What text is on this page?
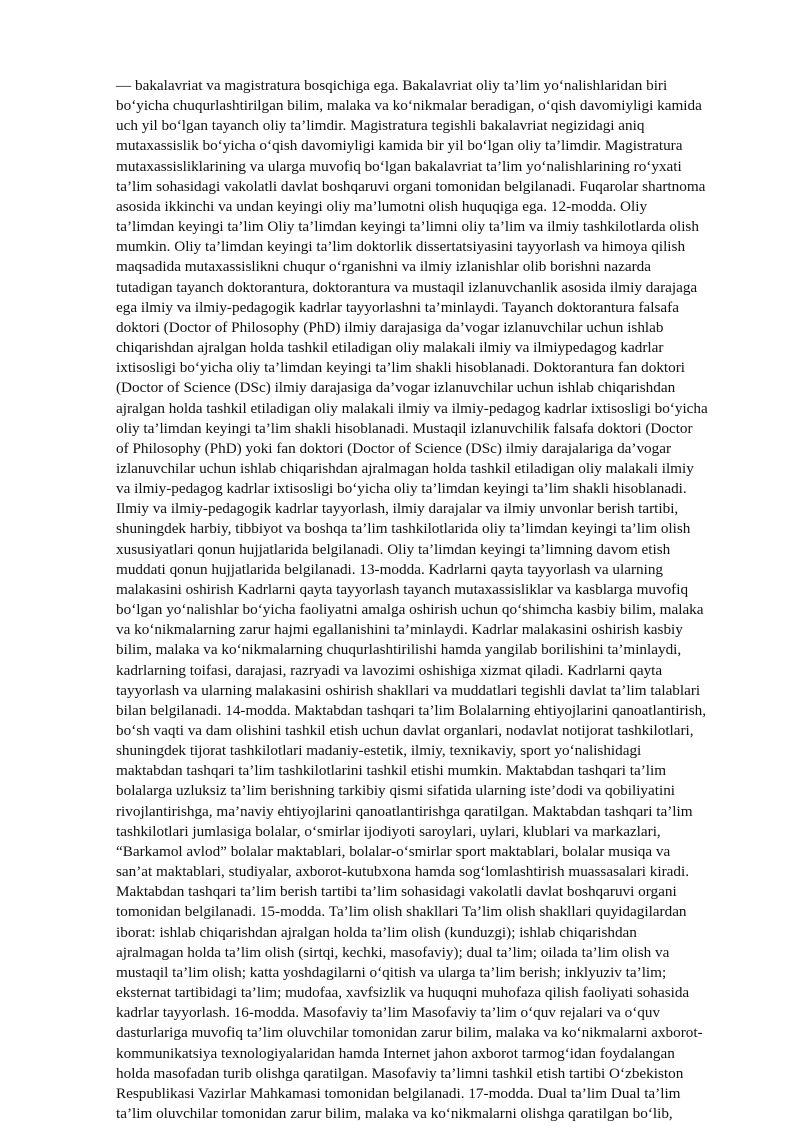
— bakalavriat va magistratura bosqichiga ega. Bakalavriat oliy ta’lim yo‘nalishlaridan biri
bo‘yicha chuqurlashtirilgan bilim, malaka va ko‘nikmalar beradigan, o‘qish davomiyligi kamida
uch yil bo‘lgan tayanch oliy ta’limdir. Magistratura tegishli bakalavriat negizidagi aniq
mutaxassislik bo‘yicha o‘qish davomiyligi kamida bir yil bo‘lgan oliy ta’limdir. Magistratura
mutaxassisliklarining va ularga muvofiq bo‘lgan bakalavriat ta’lim yo‘nalishlarining ro‘yxati
ta’lim sohasidagi vakolatli davlat boshqaruvi organi tomonidan belgilanadi. Fuqarolar shartnoma
asosida ikkinchi va undan keyingi oliy ma’lumotni olish huquqiga ega. 12-modda. Oliy
ta’limdan keyingi ta’lim Oliy ta’limdan keyingi ta’limni oliy ta’lim va ilmiy tashkilotlarda olish
mumkin. Oliy ta’limdan keyingi ta’lim doktorlik dissertatsiyasini tayyorlash va himoya qilish
maqsadida mutaxassislikni chuqur o‘rganishni va ilmiy izlanishlar olib borishni nazarda
tutadigan tayanch doktorantura, doktorantura va mustaqil izlanuvchanlik asosida ilmiy darajaga
ega ilmiy va ilmiy-pedagogik kadrlar tayyorlashni ta’minlaydi. Tayanch doktorantura falsafa
doktori (Doctor of Philosophy (PhD) ilmiy darajasiga da’vogar izlanuvchilar uchun ishlab
chiqarishdan ajralgan holda tashkil etiladigan oliy malakali ilmiy va ilmiypedagog kadrlar
ixtisosligi bo‘yicha oliy ta’limdan keyingi ta’lim shakli hisoblanadi. Doktorantura fan doktori
(Doctor of Science (DSc) ilmiy darajasiga da’vogar izlanuvchilar uchun ishlab chiqarishdan
ajralgan holda tashkil etiladigan oliy malakali ilmiy va ilmiy-pedagog kadrlar ixtisosligi bo‘yicha
oliy ta’limdan keyingi ta’lim shakli hisoblanadi. Mustaqil izlanuvchilik falsafa doktori (Doctor
of Philosophy (PhD) yoki fan doktori (Doctor of Science (DSc) ilmiy darajalariga da’vogar
izlanuvchilar uchun ishlab chiqarishdan ajralmagan holda tashkil etiladigan oliy malakali ilmiy
va ilmiy-pedagog kadrlar ixtisosligi bo‘yicha oliy ta’limdan keyingi ta’lim shakli hisoblanadi.
Ilmiy va ilmiy-pedagogik kadrlar tayyorlash, ilmiy darajalar va ilmiy unvonlar berish tartibi,
shuningdek harbiy, tibbiyot va boshqa ta’lim tashkilotlarida oliy ta’limdan keyingi ta’lim olish
xususiyatlari qonun hujjatlarida belgilanadi. Oliy ta’limdan keyingi ta’limning davom etish
muddati qonun hujjatlarida belgilanadi. 13-modda. Kadrlarni qayta tayyorlash va ularning
malakasini oshirish Kadrlarni qayta tayyorlash tayanch mutaxassisliklar va kasblarga muvofiq
bo‘lgan yo‘nalishlar bo‘yicha faoliyatni amalga oshirish uchun qo‘shimcha kasbiy bilim, malaka
va ko‘nikmalarning zarur hajmi egallanishini ta’minlaydi. Kadrlar malakasini oshirish kasbiy
bilim, malaka va ko‘nikmalarning chuqurlashtirilishi hamda yangilab borilishini ta’minlaydi,
kadrlarning toifasi, darajasi, razryadi va lavozimi oshishiga xizmat qiladi. Kadrlarni qayta
tayyorlash va ularning malakasini oshirish shakllari va muddatlari tegishli davlat ta’lim talablari
bilan belgilanadi. 14-modda. Maktabdan tashqari ta’lim Bolalarning ehtiyojlarini qanoatlantirish,
bo‘sh vaqti va dam olishini tashkil etish uchun davlat organlari, nodavlat notijorat tashkilotlari,
shuningdek tijorat tashkilotlari madaniy-estetik, ilmiy, texnikaviy, sport yo‘nalishidagi
maktabdan tashqari ta’lim tashkilotlarini tashkil etishi mumkin. Maktabdan tashqari ta’lim
bolalarga uzluksiz ta’lim berishning tarkibiy qismi sifatida ularning iste’dodi va qobiliyatini
rivojlantirishga, ma’naviy ehtiyojlarini qanoatlantirishga qaratilgan. Maktabdan tashqari ta’lim
tashkilotlari jumlasiga bolalar, o‘smirlar ijodiyoti saroylari, uylari, klublari va markazlari,
“Barkamol avlod” bolalar maktablari, bolalar-o‘smirlar sport maktablari, bolalar musiqa va
san’at maktablari, studiyalar, axborot-kutubxona hamda sog‘lomlashtirish muassasalari kiradi.
Maktabdan tashqari ta’lim berish tartibi ta’lim sohasidagi vakolatli davlat boshqaruvi organi
tomonidan belgilanadi. 15-modda. Ta’lim olish shakllari Ta’lim olish shakllari quyidagilardan
iborat: ishlab chiqarishdan ajralgan holda ta’lim olish (kunduzgi); ishlab chiqarishdan
ajralmagan holda ta’lim olish (sirtqi, kechki, masofaviy); dual ta’lim; oilada ta’lim olish va
mustaqil ta’lim olish; katta yoshdagilarni o‘qitish va ularga ta’lim berish; inklyuziv ta’lim;
eksternat tartibidagi ta’lim; mudofaa, xavfsizlik va huquqni muhofaza qilish faoliyati sohasida
kadrlar tayyorlash. 16-modda. Masofaviy ta’lim Masofaviy ta’lim o‘quv rejalari va o‘quv
dasturlariga muvofiq ta’lim oluvchilar tomonidan zarur bilim, malaka va ko‘nikmalarni axborot-
kommunikatsiya texnologiyalaridan hamda Internet jahon axborot tarmog‘idan foydalangan
holda masofadan turib olishga qaratilgan. Masofaviy ta’limni tashkil etish tartibi O‘zbekiston
Respublikasi Vazirlar Mahkamasi tomonidan belgilanadi. 17-modda. Dual ta’lim Dual ta’lim
ta’lim oluvchilar tomonidan zarur bilim, malaka va ko‘nikmalarni olishga qaratilgan bo‘lib,
